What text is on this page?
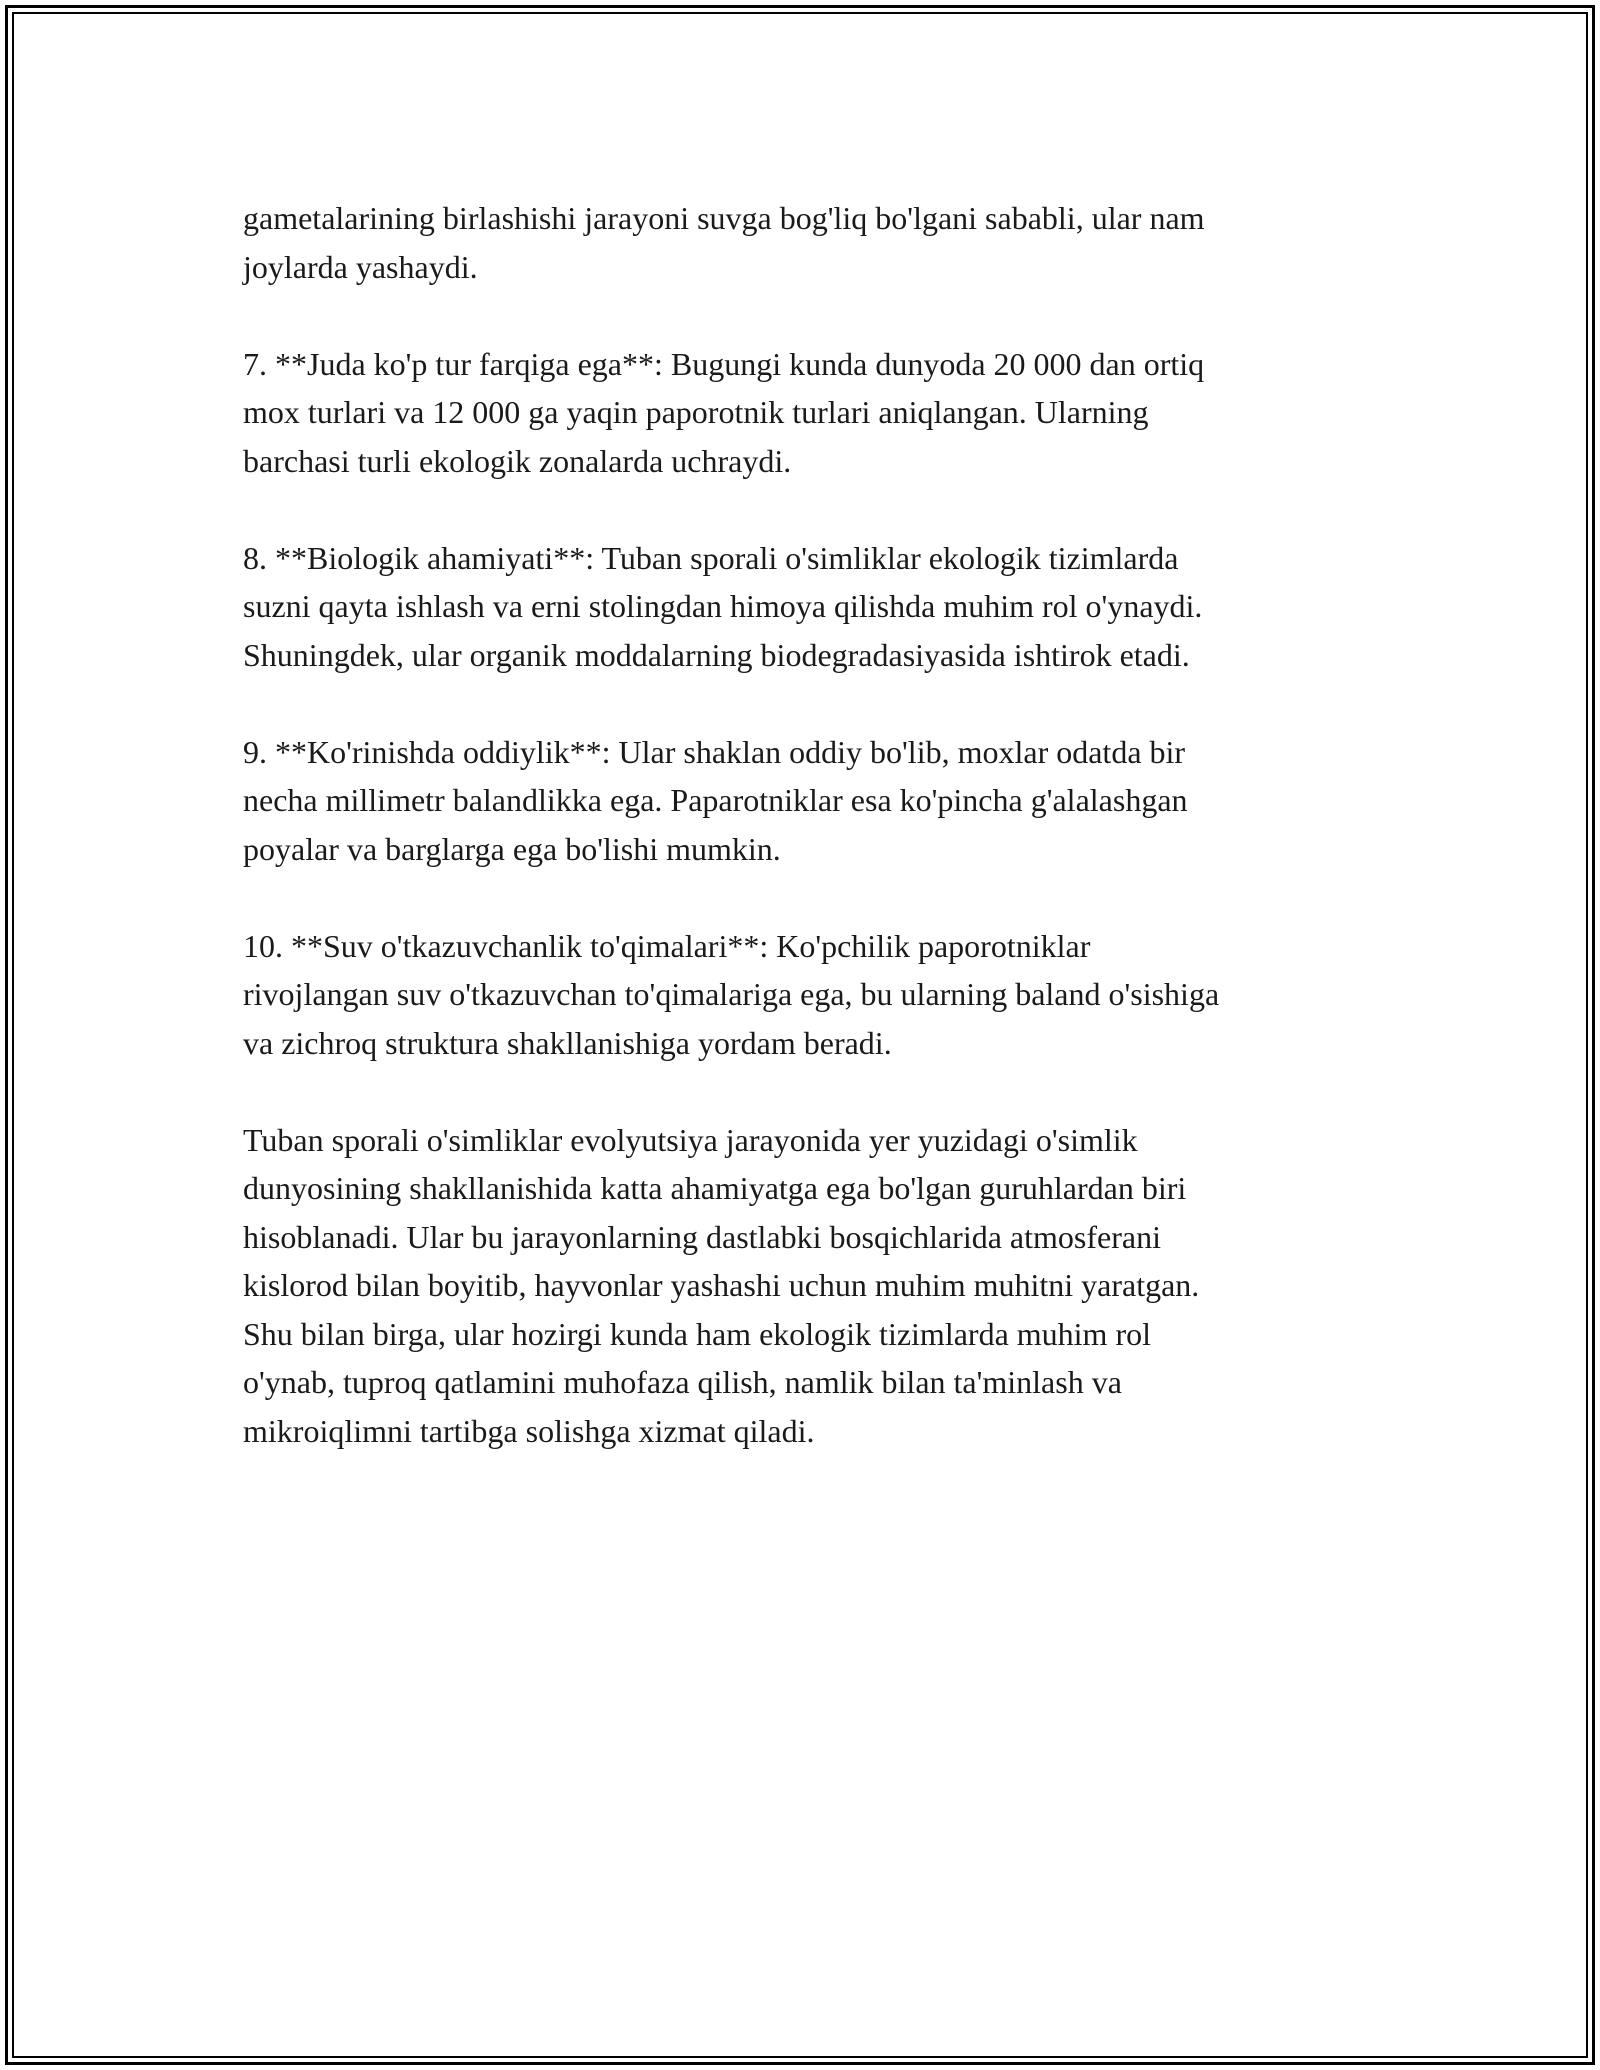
gametalarining birlashishi jarayoni suvga bog'liq bo'lgani sababli, ular nam
joylarda yashaydi.

7. **Juda ko'p tur farqiga ega**: Bugungi kunda dunyoda 20 000 dan ortiq
mox turlari va 12 000 ga yaqin paporotnik turlari aniqlangan. Ularning
barchasi turli ekologik zonalarda uchraydi.

8. **Biologik ahamiyati**: Tuban sporali o'simliklar ekologik tizimlarda
suzni qayta ishlash va erni stolingdan himoya qilishda muhim rol o'ynaydi.
Shuningdek, ular organik moddalarning biodegradasiyasida ishtirok etadi.

9. **Ko'rinishda oddiylik**: Ular shaklan oddiy bo'lib, moxlar odatda bir
necha millimetr balandlikka ega. Paparotniklar esa ko'pincha g'alalashgan
poyalar va barglarga ega bo'lishi mumkin.

10. **Suv o'tkazuvchanlik to'qimalari**: Ko'pchilik paporotniklar
rivojlangan suv o'tkazuvchan to'qimalariga ega, bu ularning baland o'sishiga
va zichroq struktura shakllanishiga yordam beradi.

Tuban sporali o'simliklar evolyutsiya jarayonida yer yuzidagi o'simlik
dunyosining shakllanishida katta ahamiyatga ega bo'lgan guruhlardan biri
hisoblanadi. Ular bu jarayonlarning dastlabki bosqichlarida atmosferani
kislorod bilan boyitib, hayvonlar yashashi uchun muhim muhitni yaratgan.
Shu bilan birga, ular hozirgi kunda ham ekologik tizimlarda muhim rol
o'ynab, tuproq qatlamini muhofaza qilish, namlik bilan ta'minlash va
mikroiqlimni tartibga solishga xizmat qiladi.
